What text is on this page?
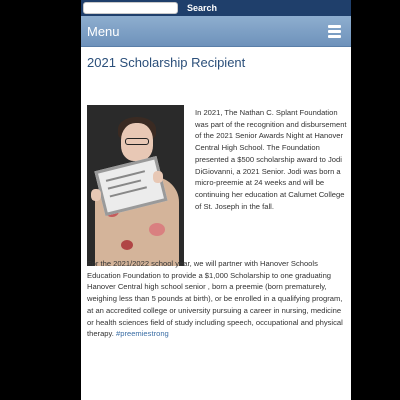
Search
Menu
2021 Scholarship Recipient

In 2021, The Nathan C. Splant Foundation was part of the recognition and disbursement of the 2021 Senior Awards Night at Hanover Central High School. The Foundation presented a $500 scholarship award to Jodi DiGiovanni, a 2021 Senior. Jodi was born a micro-preemie at 24 weeks and will be continuing her education at Calumet College of St. Joseph in the fall.

For the 2021/2022 school year, we will partner with Hanover Schools Education Foundation to provide a $1,000 Scholarship to one graduating Hanover Central high school senior , born a preemie (born prematurely, weighing less than 5 pounds at birth), or be enrolled in a qualifying program, at an accredited college or university pursuing a career in nursing, medicine or health sciences field of study including speech, occupational and physical therapy. #preemiestrong
